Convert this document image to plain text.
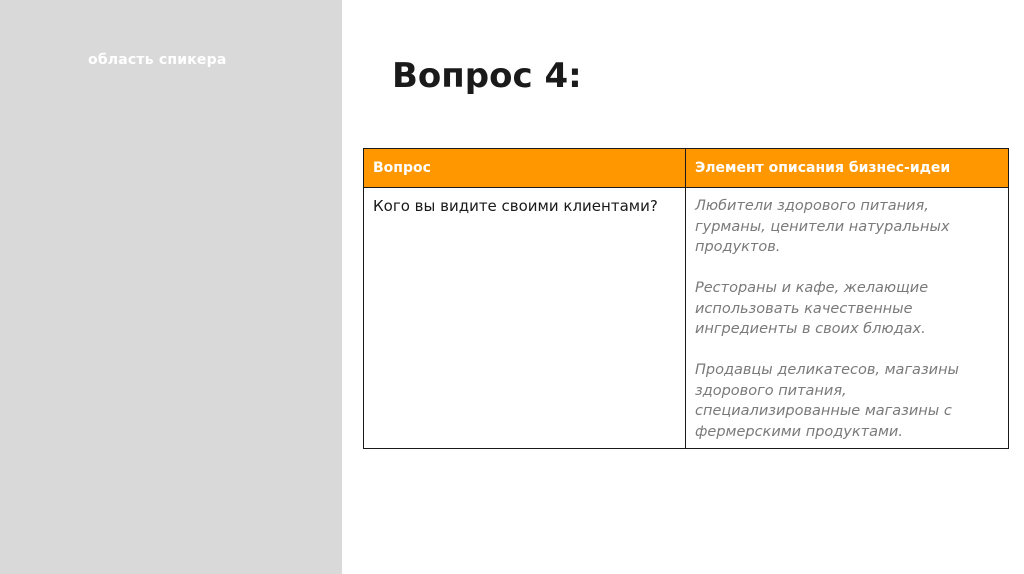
область спикера	Вопрос 4:
Вопрос	Элемент описания бизнес-идеи

Кого вы видите своими клиентами?	Любители здорового питания, гурманы, ценители натуральных продуктов.

Рестораны и кафе, желающие использовать качественные ингредиенты в своих блюдах.

Продавцы деликатесов, магазины здорового питания, специализированные магазины с фермерскими продуктами.
